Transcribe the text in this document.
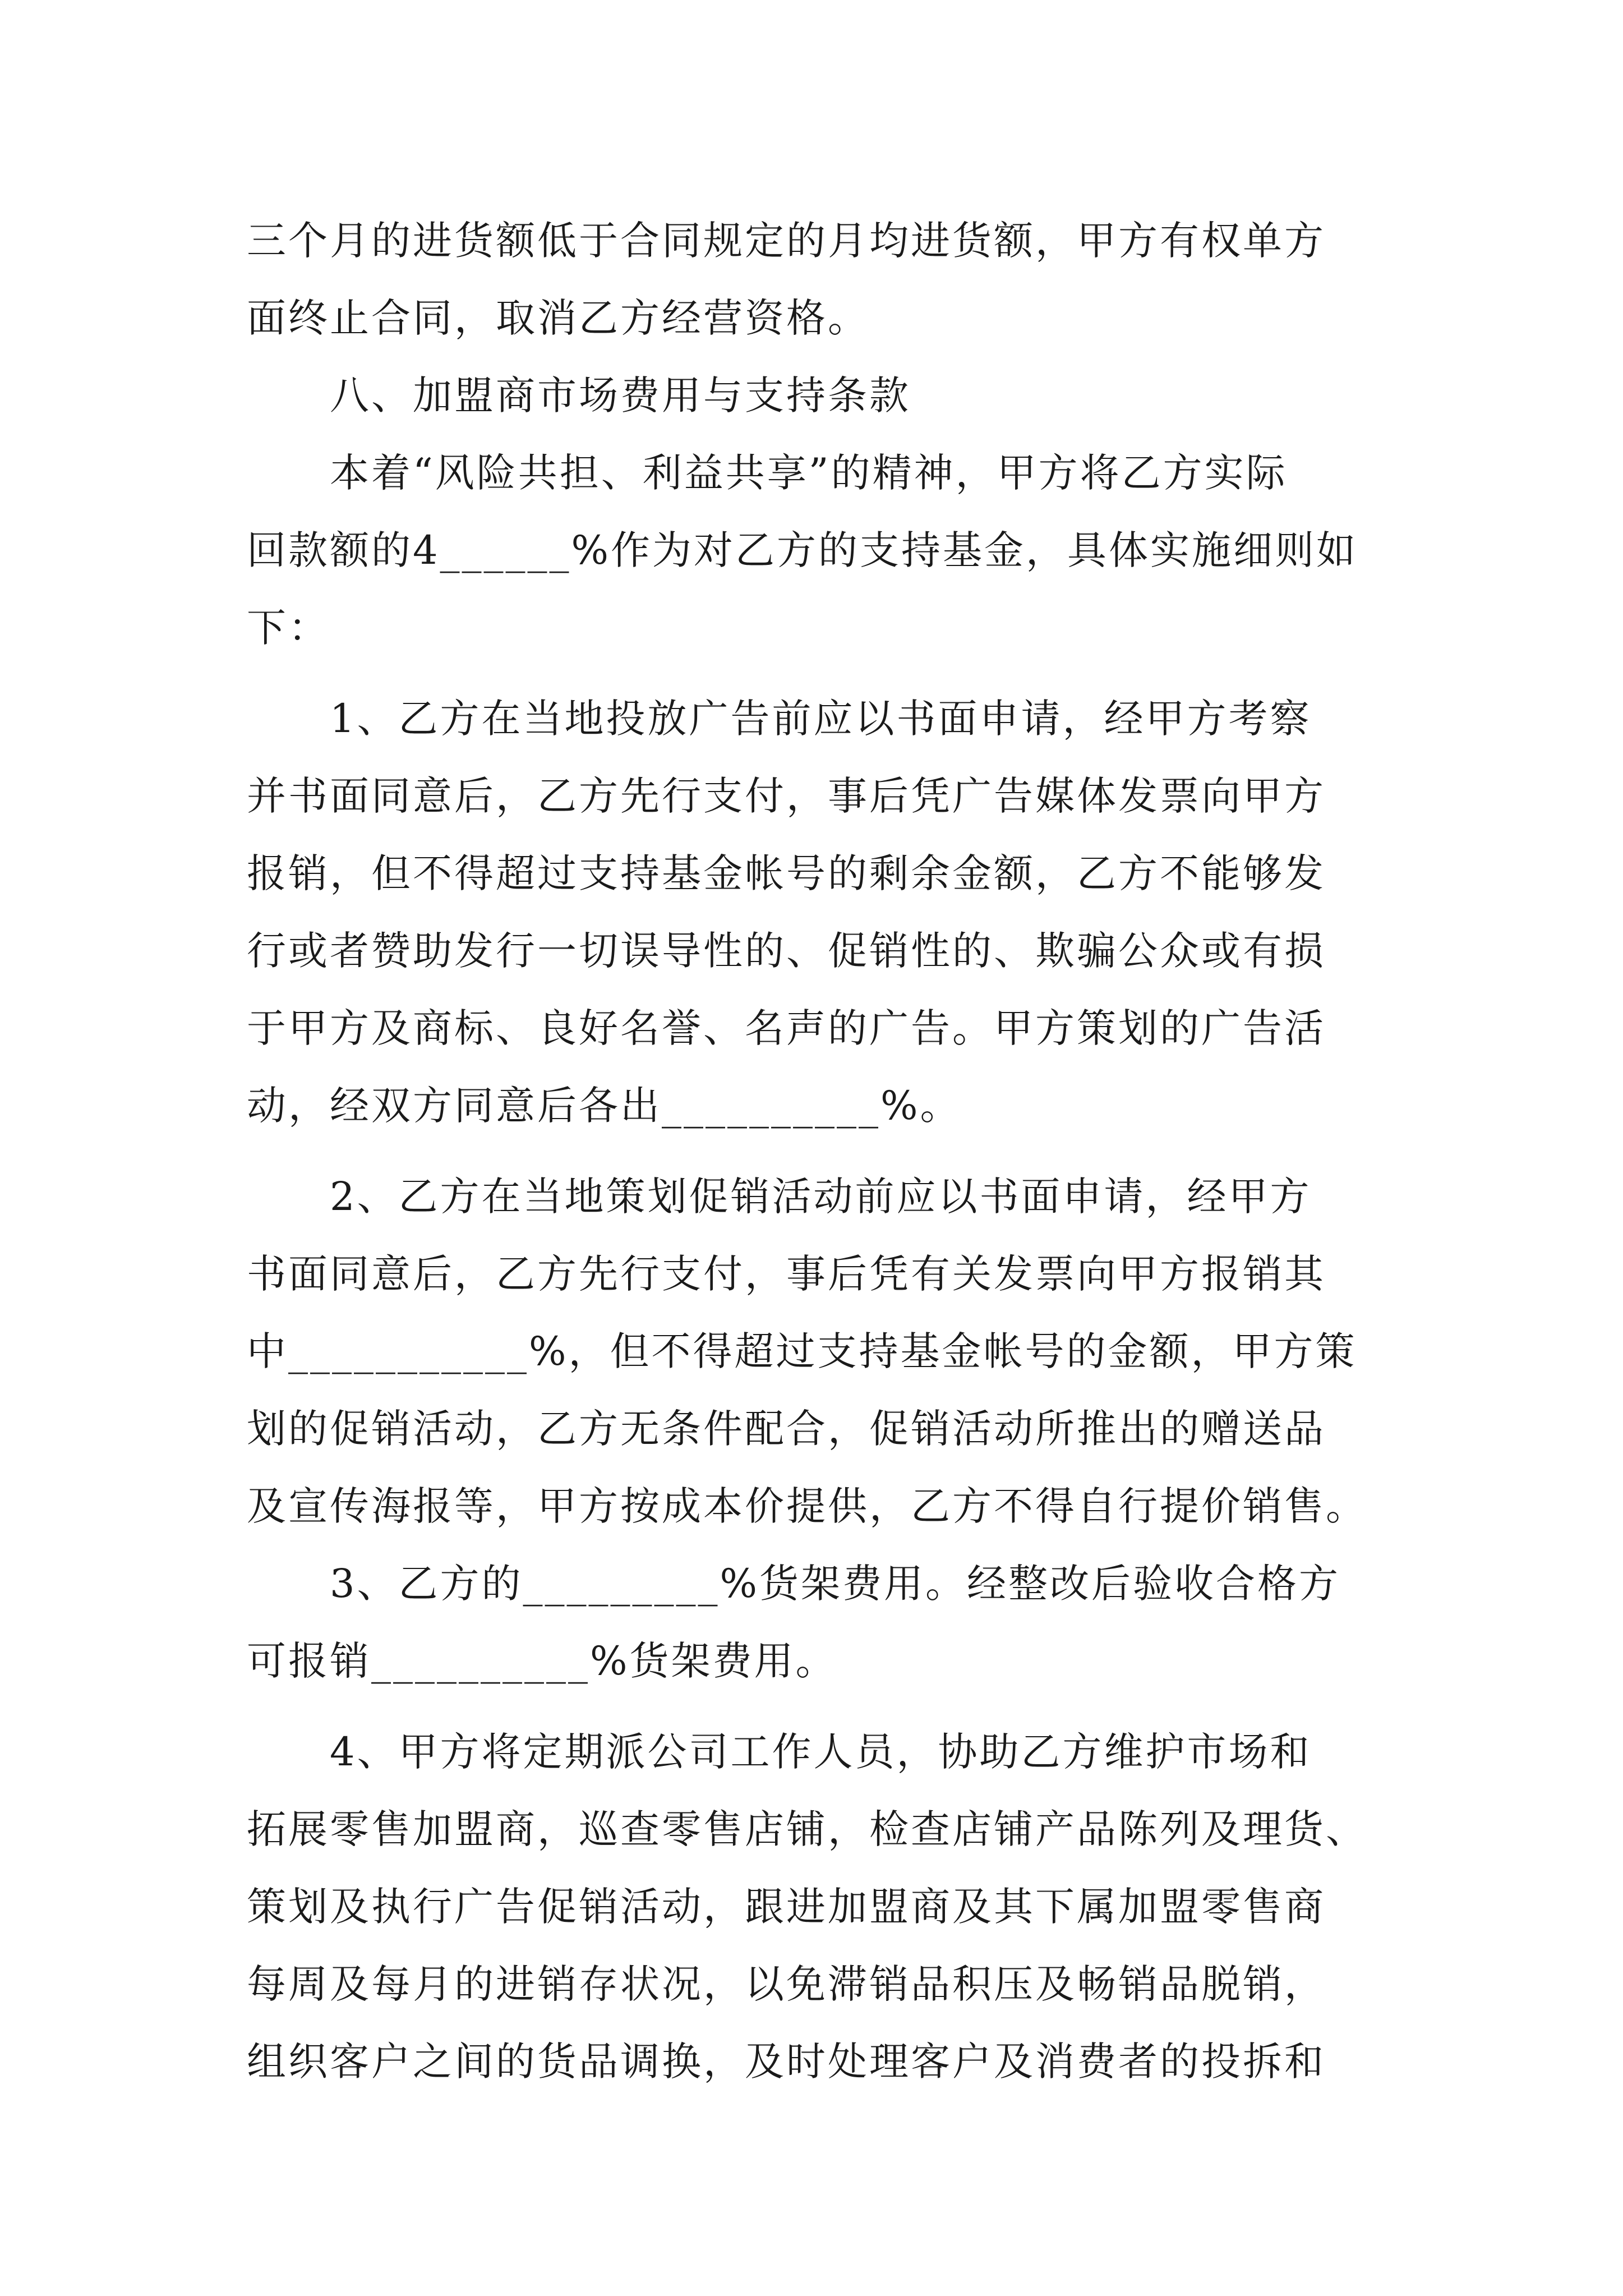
三个月的进货额低于合同规定的月均进货额，甲方有权单方
面终止合同，取消乙方经营资格。
八、加盟商市场费用与支持条款
本着“风险共担、利益共享”的精神，甲方将乙方实际
回款额的4______%作为对乙方的支持基金，具体实施细则如
下：
1、乙方在当地投放广告前应以书面申请，经甲方考察
并书面同意后，乙方先行支付，事后凭广告媒体发票向甲方
报销，但不得超过支持基金帐号的剩余金额，乙方不能够发
行或者赞助发行一切误导性的、促销性的、欺骗公众或有损
于甲方及商标、良好名誉、名声的广告。甲方策划的广告活
动，经双方同意后各出__________%。
2、乙方在当地策划促销活动前应以书面申请，经甲方
书面同意后，乙方先行支付，事后凭有关发票向甲方报销其
中___________%，但不得超过支持基金帐号的金额，甲方策
划的促销活动，乙方无条件配合，促销活动所推出的赠送品
及宣传海报等，甲方按成本价提供，乙方不得自行提价销售。
3、乙方的_________%货架费用。经整改后验收合格方
可报销__________%货架费用。
4、甲方将定期派公司工作人员，协助乙方维护市场和
拓展零售加盟商，巡查零售店铺，检查店铺产品陈列及理货、
策划及执行广告促销活动，跟进加盟商及其下属加盟零售商
每周及每月的进销存状况，以免滞销品积压及畅销品脱销，
组织客户之间的货品调换，及时处理客户及消费者的投拆和
